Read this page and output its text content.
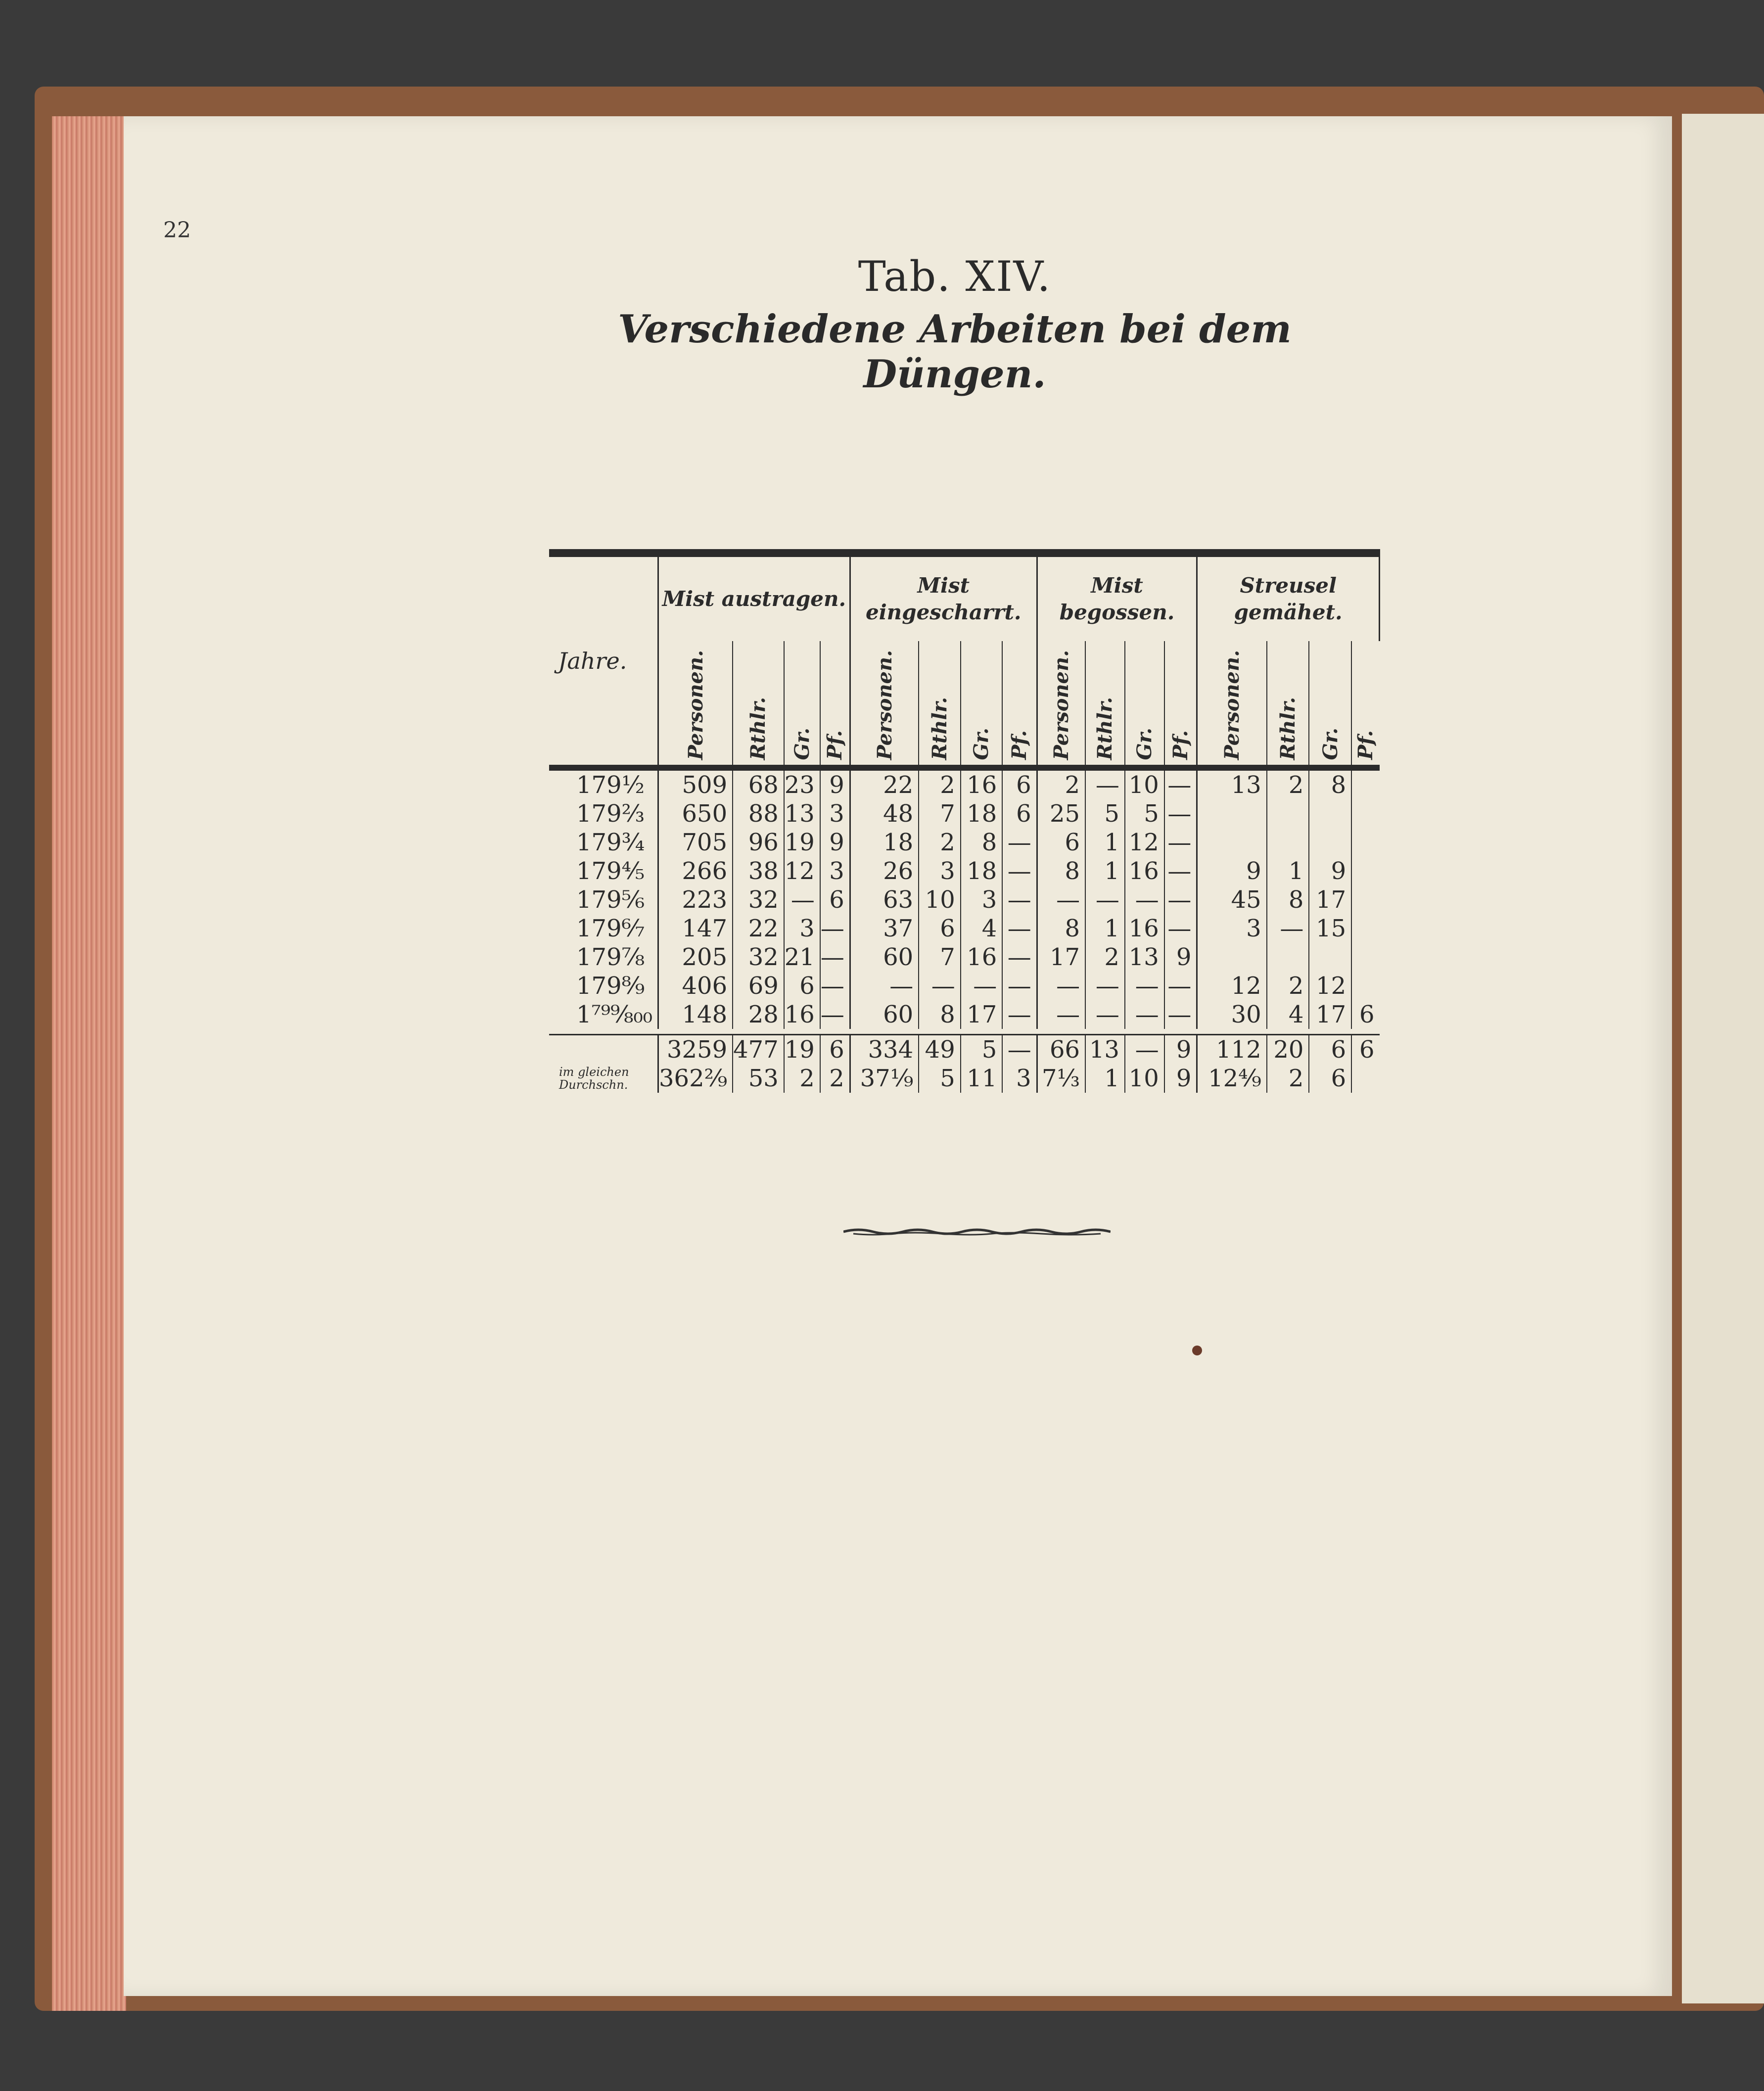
22
Tab. XIV.
Verschiedene Arbeiten bei dem Düngen.
Jahre.	Mist austragen.				Mist eingescharrt.				Mist begossen.				Streusel gemähet.			
	Personen.	Rthlr.	Gr.	Pf.	Personen.	Rthlr.	Gr.	Pf.	Personen.	Rthlr.	Gr.	Pf.	Personen.	Rthlr.	Gr.	Pf.

179¹⁄₂	509	68	23	9	22	2	16	6	2	—	10	—	13	2	8	
179²⁄₃	650	88	13	3	48	7	18	6	25	5	5	—				
179³⁄₄	705	96	19	9	18	2	8	—	6	1	12	—				
179⁴⁄₅	266	38	12	3	26	3	18	—	8	1	16	—	9	1	9	
179⁵⁄₆	223	32	—	6	63	10	3	—	—	—	—	—	45	8	17	
179⁶⁄₇	147	22	3	—	37	6	4	—	8	1	16	—	3	—	15	
179⁷⁄₈	205	32	21	—	60	7	16	—	17	2	13	9				
179⁸⁄₉	406	69	6	—	—	—	—	—	—	—	—	—	12	2	12	
1⁷⁹⁹⁄₈₀₀	148	28	16	—	60	8	17	—	—	—	—	—	30	4	17	6

	3259	477	19	6	334	49	5	—	66	13	—	9	112	20	6	6
im gleichen Durchschn.	362²⁄₉	53	2	2	37¹⁄₉	5	11	3	7¹⁄₃	1	10	9	12⁴⁄₉	2	6	
